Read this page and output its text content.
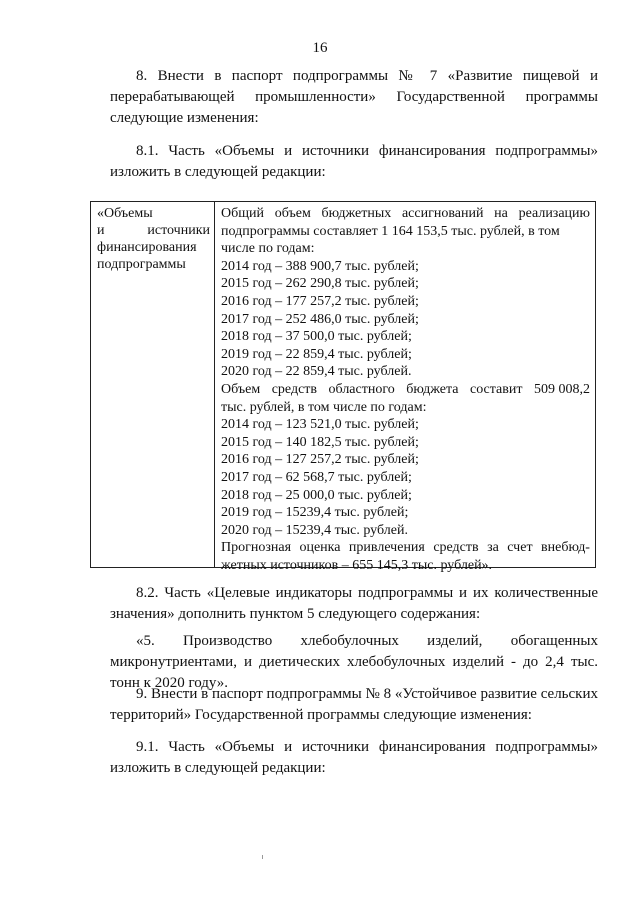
16

8. Внести в паспорт подпрограммы № 7 «Развитие пищевой и перерабатывающей промышленности» Государственной программы следующие изменения:

8.1. Часть «Объемы и источники финансирования подпрограммы» изложить в следующей редакции:

«Объемы
и	источники
финансирования
подпрограммы
Общий объем бюджетных ассигнований на реализацию
подпрограммы составляет 1 164 153,5 тыс. рублей, в том
числе по годам:
2014 год – 388 900,7 тыс. рублей;
2015 год – 262 290,8 тыс. рублей;
2016 год – 177 257,2 тыс. рублей;
2017 год – 252 486,0 тыс. рублей;
2018 год – 37 500,0 тыс. рублей;
2019 год – 22 859,4 тыс. рублей;
2020 год – 22 859,4 тыс. рублей.
Объем средств областного бюджета составит 509 008,2
тыс. рублей, в том числе по годам:
2014 год – 123 521,0 тыс. рублей;
2015 год – 140 182,5 тыс. рублей;
2016 год – 127 257,2 тыс. рублей;
2017 год – 62 568,7 тыс. рублей;
2018 год – 25 000,0 тыс. рублей;
2019 год – 15239,4 тыс. рублей;
2020 год – 15239,4 тыс. рублей.
Прогнозная оценка привлечения средств за счет внебюд-
жетных источников – 655 145,3 тыс. рублей».

8.2. Часть «Целевые индикаторы подпрограммы и их количественные значения» дополнить пунктом 5 следующего содержания:

«5. Производство хлебобулочных изделий, обогащенных микронутриентами, и диетических хлебобулочных изделий - до 2,4 тыс. тонн к 2020 году».

9. Внести в паспорт подпрограммы № 8 «Устойчивое развитие сельских территорий» Государственной программы следующие изменения:

9.1. Часть «Объемы и источники финансирования подпрограммы» изложить в следующей редакции:
